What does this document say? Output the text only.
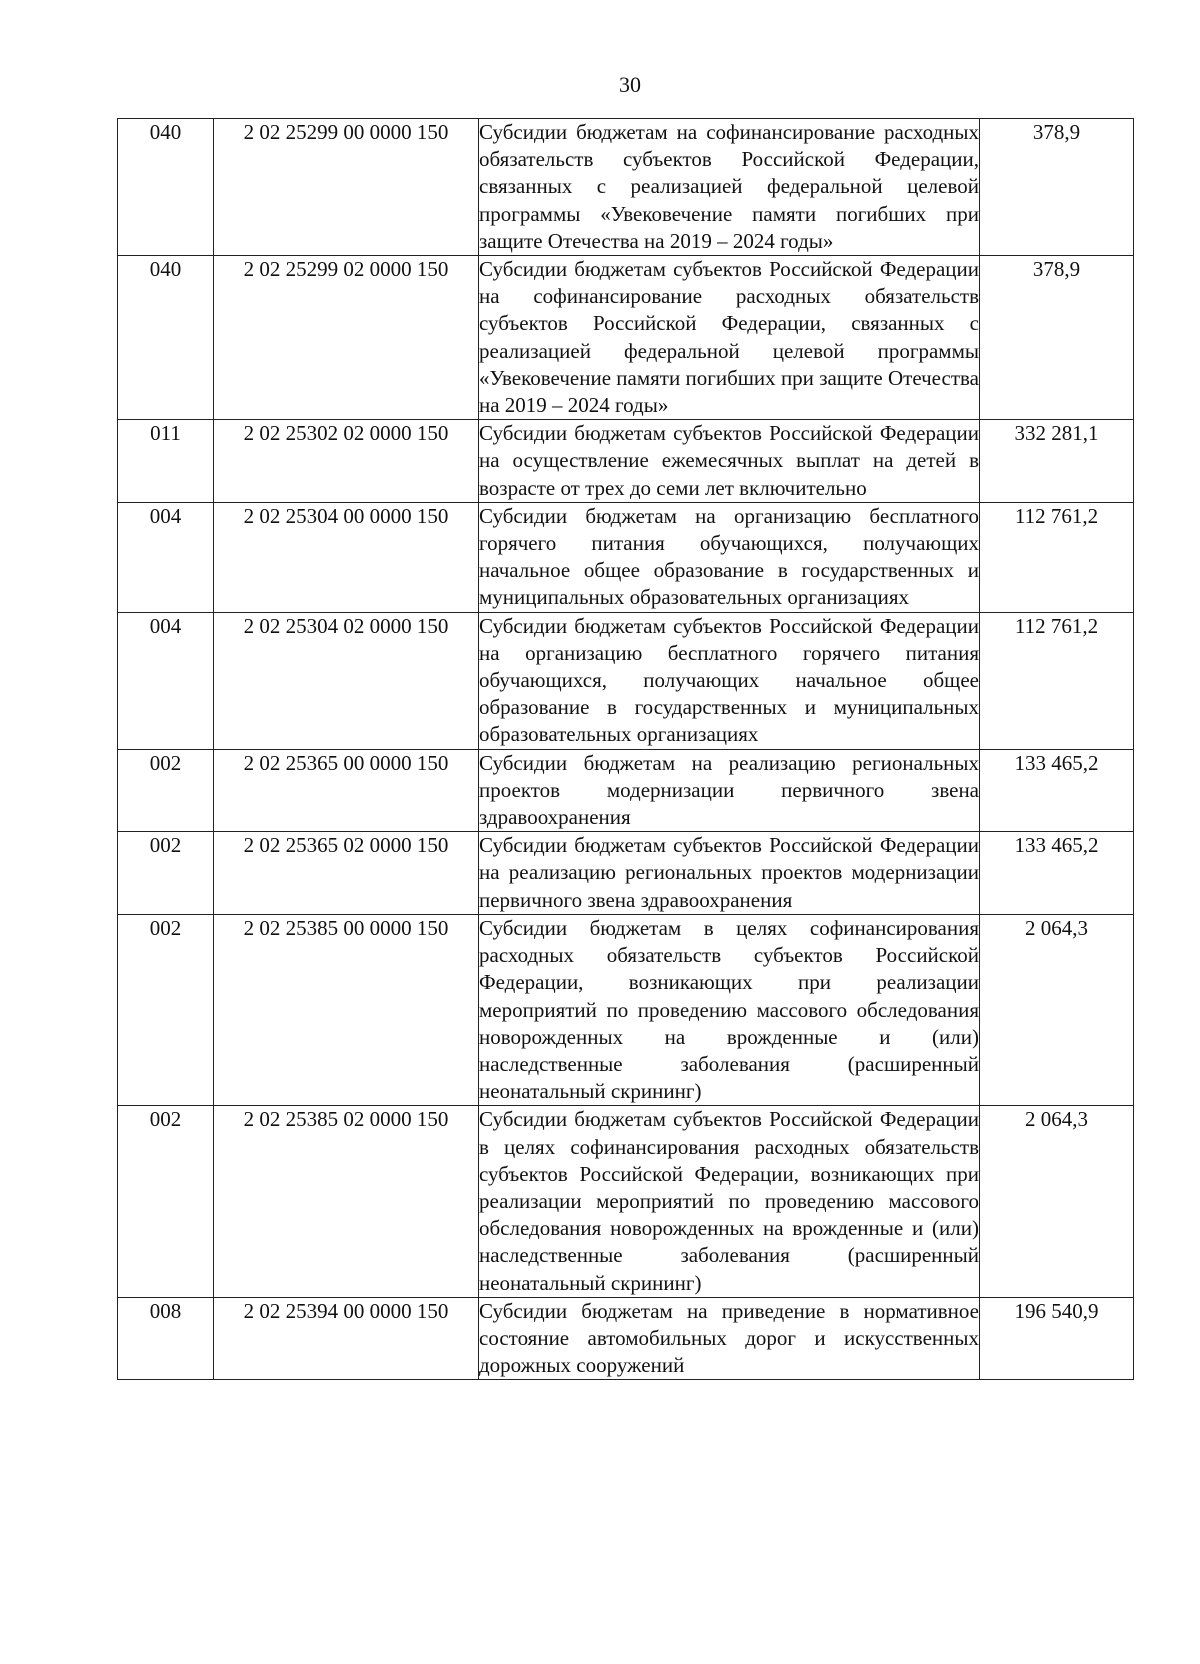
30
040	2 02 25299 00 0000 150	Субсидии бюджетам на софинансирование расходных обязательств субъектов Российской Федерации, связанных с реализацией федеральной целевой программы «Увековечение памяти погибших при защите Отечества на 2019 – 2024 годы»	378,9
040	2 02 25299 02 0000 150	Субсидии бюджетам субъектов Российской Федерации на софинансирование расходных обязательств субъектов Российской Федерации, связанных с реализацией федеральной целевой программы «Увековечение памяти погибших при защите Отечества на 2019 – 2024 годы»	378,9
011	2 02 25302 02 0000 150	Субсидии бюджетам субъектов Российской Федерации на осуществление ежемесячных выплат на детей в возрасте от трех до семи лет включительно	332 281,1
004	2 02 25304 00 0000 150	Субсидии бюджетам на организацию бесплатного горячего питания обучающихся, получающих начальное общее образование в государственных и муниципальных образовательных организациях	112 761,2
004	2 02 25304 02 0000 150	Субсидии бюджетам субъектов Российской Федерации на организацию бесплатного горячего питания обучающихся, получающих начальное общее образование в государственных и муниципальных образовательных организациях	112 761,2
002	2 02 25365 00 0000 150	Субсидии бюджетам на реализацию региональных проектов модернизации первичного звена здравоохранения	133 465,2
002	2 02 25365 02 0000 150	Субсидии бюджетам субъектов Российской Федерации на реализацию региональных проектов модернизации первичного звена здравоохранения	133 465,2
002	2 02 25385 00 0000 150	Субсидии бюджетам в целях софинансирования расходных обязательств субъектов Российской Федерации, возникающих при реализации мероприятий по проведению массового обследования новорожденных на врожденные и (или) наследственные заболевания (расширенный неонатальный скрининг)	2 064,3
002	2 02 25385 02 0000 150	Субсидии бюджетам субъектов Российской Федерации в целях софинансирования расходных обязательств субъектов Российской Федерации, возникающих при реализации мероприятий по проведению массового обследования новорожденных на врожденные и (или) наследственные заболевания (расширенный неонатальный скрининг)	2 064,3
008	2 02 25394 00 0000 150	Субсидии бюджетам на приведение в нормативное состояние автомобильных дорог и искусственных дорожных сооружений	196 540,9
